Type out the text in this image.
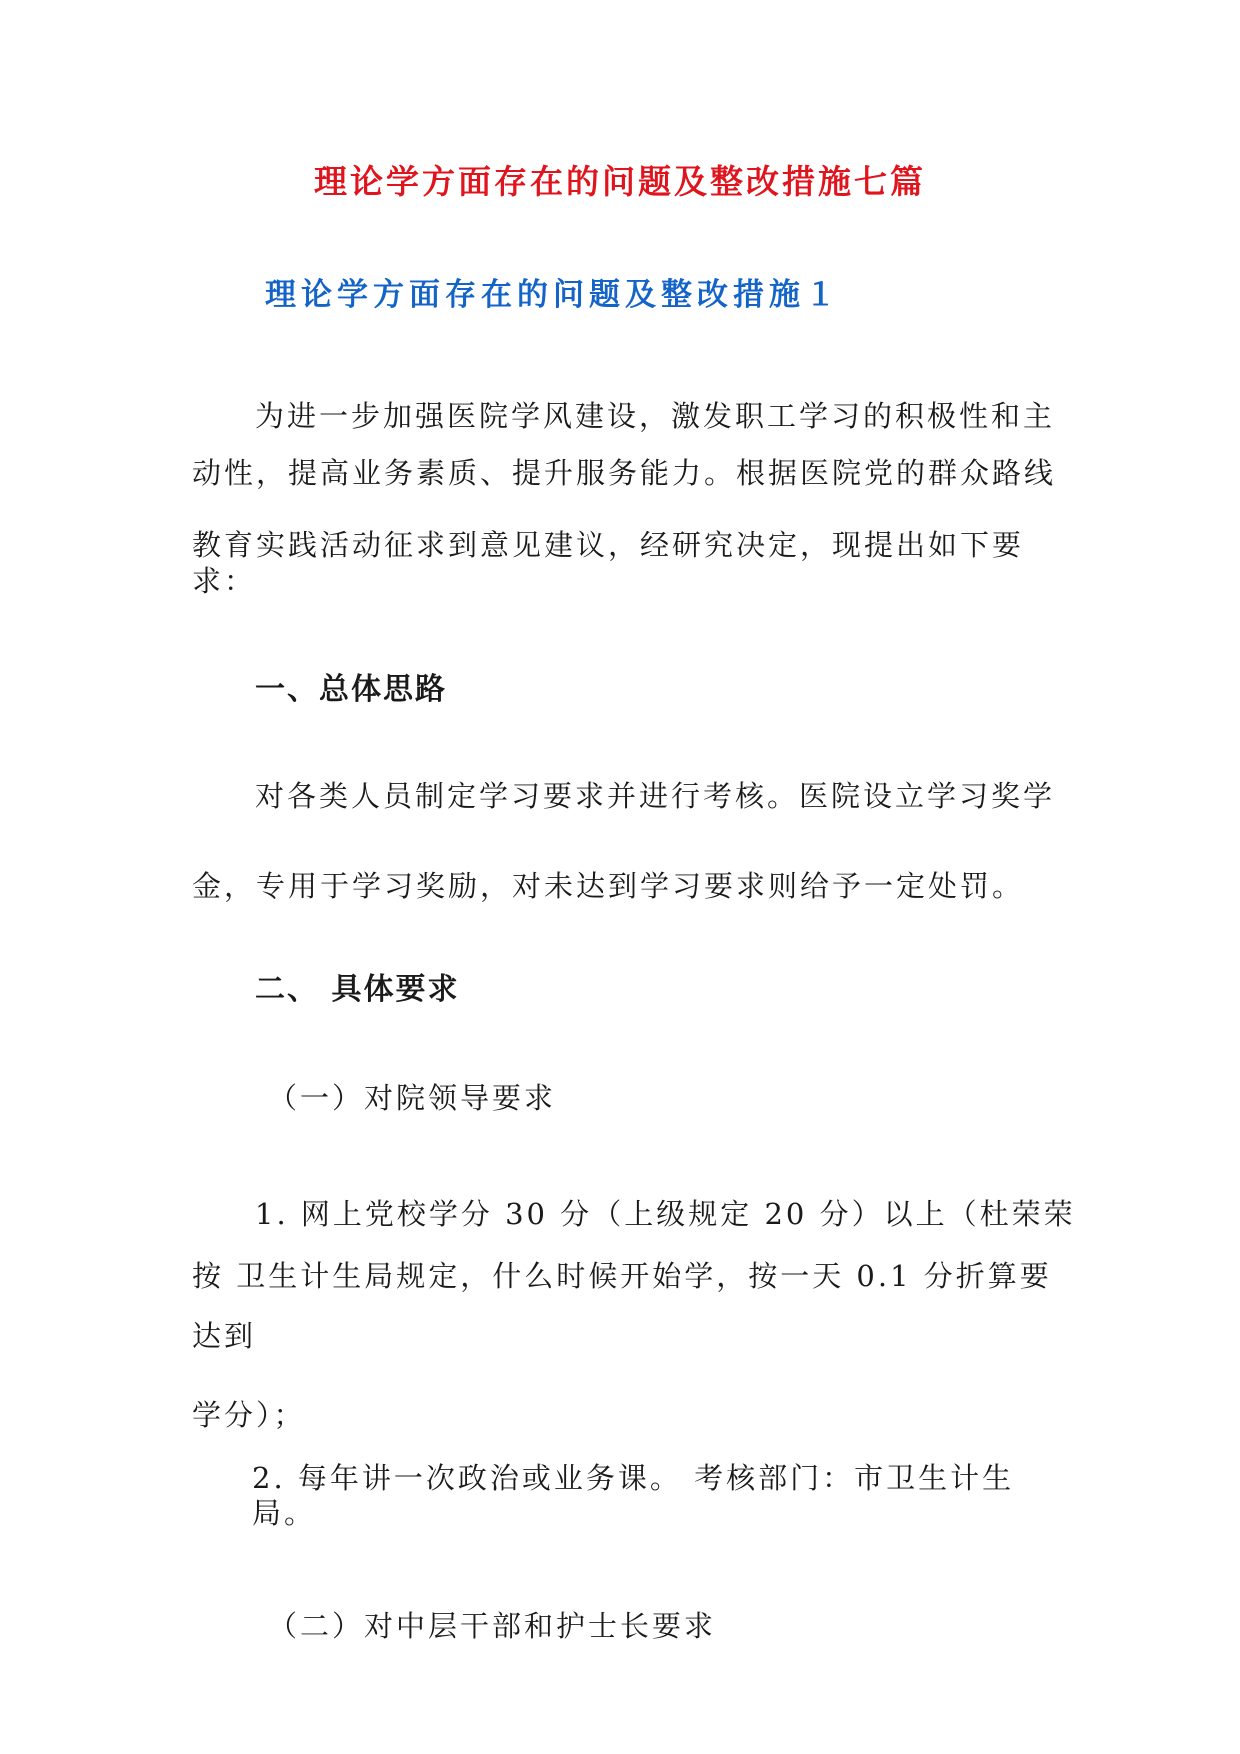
理论学方面存在的问题及整改措施七篇
理论学方面存在的问题及整改措施１
为进一步加强医院学风建设，激发职工学习的积极性和主
动性，提高业务素质、提升服务能力。根据医院党的群众路线
教育实践活动征求到意见建议，经研究决定，现提出如下要
求：
一、总体思路
对各类人员制定学习要求并进行考核。医院设立学习奖学
金，专用于学习奖励，对未达到学习要求则给予一定处罚。
二、 具体要求
（一）对院领导要求
1. 网上党校学分 30 分（上级规定 20 分）以上（杜荣荣
按 卫生计生局规定，什么时候开始学，按一天 0.1 分折算要
达到
学分）；
2. 每年讲一次政治或业务课。 考核部门：市卫生计生
局。
（二）对中层干部和护士长要求
